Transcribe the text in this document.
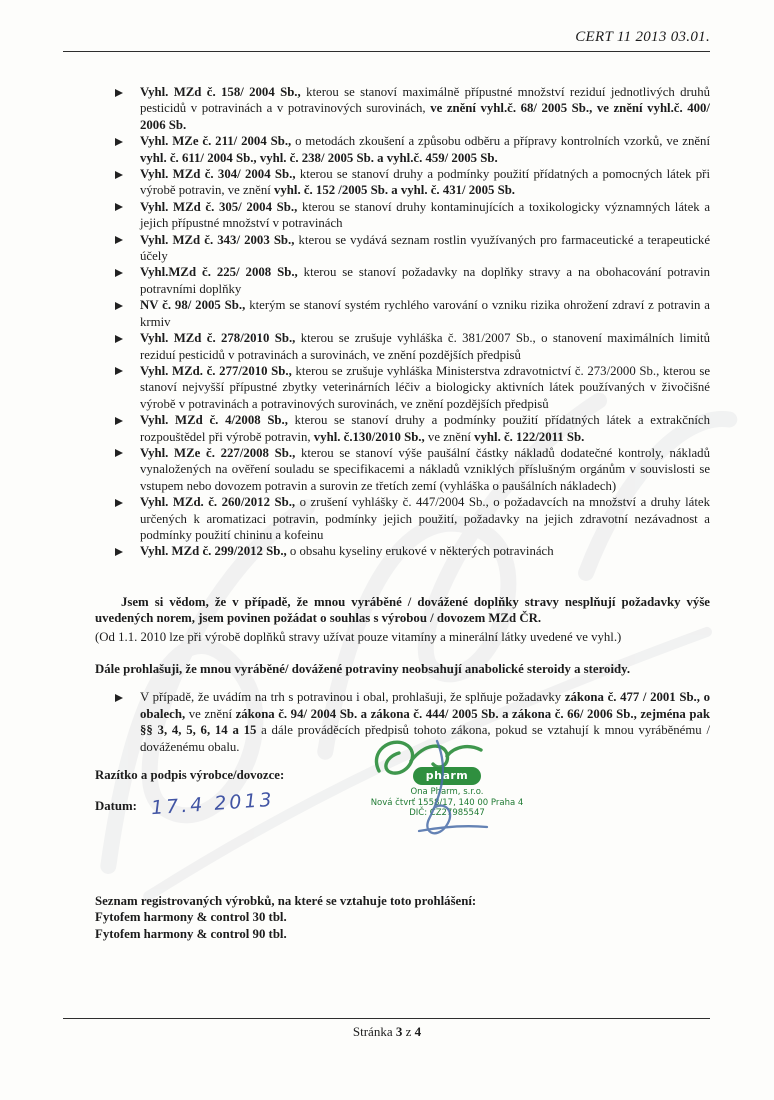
CERT 11 2013 03.01.
Vyhl. MZd č. 158/ 2004 Sb., kterou se stanoví maximálně přípustné množství reziduí jednotlivých druhů pesticidů v potravinách a v potravinových surovinách, ve znění vyhl.č. 68/ 2005 Sb., ve znění vyhl.č. 400/ 2006 Sb.
Vyhl. MZe č. 211/ 2004 Sb., o metodách zkoušení a způsobu odběru a přípravy kontrolních vzorků, ve znění vyhl. č. 611/ 2004 Sb., vyhl. č. 238/ 2005 Sb. a vyhl.č. 459/ 2005 Sb.
Vyhl. MZd č. 304/ 2004 Sb., kterou se stanoví druhy a podmínky použití přídatných a pomocných látek při výrobě potravin, ve znění vyhl. č. 152 /2005 Sb. a vyhl. č. 431/ 2005 Sb.
Vyhl. MZd č. 305/ 2004 Sb., kterou se stanoví druhy kontaminujících a toxikologicky významných látek a jejich přípustné množství v potravinách
Vyhl. MZd č. 343/ 2003 Sb., kterou se vydává seznam rostlin využívaných pro farmaceutické a terapeutické účely
Vyhl.MZd č. 225/ 2008 Sb., kterou se stanoví požadavky na doplňky stravy a na obohacování potravin potravními doplňky
NV č. 98/ 2005 Sb., kterým se stanoví systém rychlého varování o vzniku rizika ohrožení zdraví z potravin a krmiv
Vyhl. MZd č. 278/2010 Sb., kterou se zrušuje vyhláška č. 381/2007 Sb., o stanovení maximálních limitů reziduí pesticidů v potravinách a surovinách, ve znění pozdějších předpisů
Vyhl. MZd. č. 277/2010 Sb., kterou se zrušuje vyhláška Ministerstva zdravotnictví č. 273/2000 Sb., kterou se stanoví nejvyšší přípustné zbytky veterinárních léčiv a biologicky aktivních látek používaných v živočišné výrobě v potravinách a potravinových surovinách, ve znění pozdějších předpisů
Vyhl. MZd č. 4/2008 Sb., kterou se stanoví druhy a podmínky použití přídatných látek a extrakčních rozpouštědel při výrobě potravin, vyhl. č.130/2010 Sb., ve znění vyhl. č. 122/2011 Sb.
Vyhl. MZe č. 227/2008 Sb., kterou se stanoví výše paušální částky nákladů dodatečné kontroly, nákladů vynaložených na ověření souladu se specifikacemi a nákladů vzniklých příslušným orgánům v souvislosti se vstupem nebo dovozem potravin a surovin ze třetích zemí (vyhláška o paušálních nákladech)
Vyhl. MZd. č. 260/2012 Sb., o zrušení vyhlášky č. 447/2004 Sb., o požadavcích na množství a druhy látek určených k aromatizaci potravin, podmínky jejich použití, požadavky na jejich zdravotní nezávadnost a podmínky použití chininu a kofeinu
Vyhl. MZd č. 299/2012 Sb., o obsahu kyseliny erukové v některých potravinách

Jsem si vědom, že v případě, že mnou vyráběné / dovážené doplňky stravy nesplňují požadavky výše uvedených norem, jsem povinen požádat o souhlas s výrobou / dovozem MZd ČR.

(Od 1.1. 2010 lze při výrobě doplňků stravy užívat pouze vitamíny a minerální látky uvedené ve vyhl.)

Dále prohlašuji, že mnou vyráběné/ dovážené potraviny neobsahují anabolické steroidy a steroidy.

V případě, že uvádím na trh s potravinou i obal, prohlašuji, že splňuje požadavky zákona č. 477 / 2001 Sb., o obalech, ve znění zákona č. 94/ 2004 Sb. a zákona č. 444/ 2005 Sb. a zákona č. 66/ 2006 Sb., zejména pak §§ 3, 4, 5, 6, 14 a 15 a dále prováděcích předpisů tohoto zákona, pokud se vztahují k mnou vyráběnému / dováženému obalu.

Razítko a podpis výrobce/dovozce:

Datum: 17.4 2013

pharm
Ona Pharm, s.r.o.
Nová čtvrť 1558/17, 140 00 Praha 4
DIČ: CZ27985547

Seznam registrovaných výrobků, na které se vztahuje toto prohlášení:

Fytofem harmony & control 30 tbl.

Fytofem harmony & control 90 tbl.

Stránka 3 z 4
